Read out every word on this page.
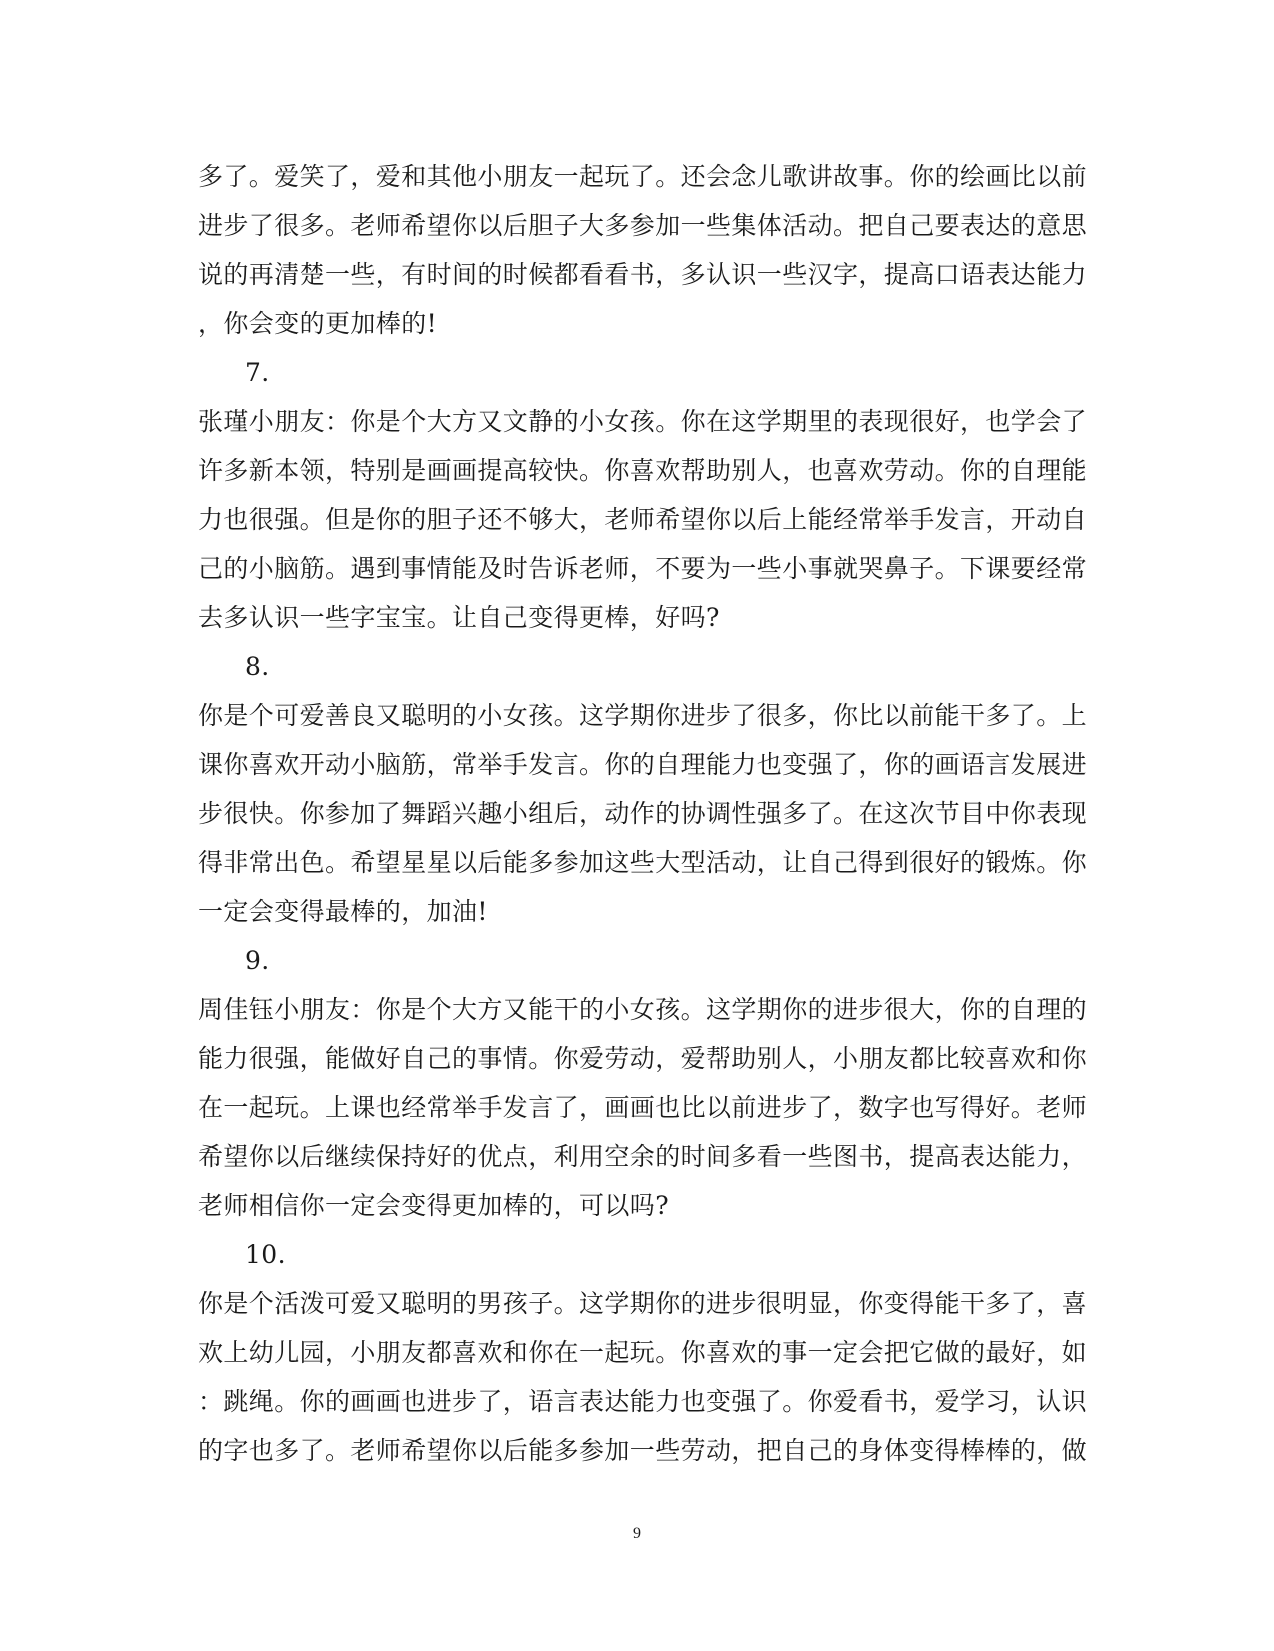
多了。爱笑了，爱和其他小朋友一起玩了。还会念儿歌讲故事。你的绘画比以前
进步了很多。老师希望你以后胆子大多参加一些集体活动。把自己要表达的意思
说的再清楚一些，有时间的时候都看看书，多认识一些汉字，提高口语表达能力
，你会变的更加棒的!
7.
张瑾小朋友：你是个大方又文静的小女孩。你在这学期里的表现很好，也学会了
许多新本领，特别是画画提高较快。你喜欢帮助别人，也喜欢劳动。你的自理能
力也很强。但是你的胆子还不够大，老师希望你以后上能经常举手发言，开动自
己的小脑筋。遇到事情能及时告诉老师，不要为一些小事就哭鼻子。下课要经常
去多认识一些字宝宝。让自己变得更棒，好吗?
8.
你是个可爱善良又聪明的小女孩。这学期你进步了很多，你比以前能干多了。上
课你喜欢开动小脑筋，常举手发言。你的自理能力也变强了，你的画语言发展进
步很快。你参加了舞蹈兴趣小组后，动作的协调性强多了。在这次节目中你表现
得非常出色。希望星星以后能多参加这些大型活动，让自己得到很好的锻炼。你
一定会变得最棒的，加油!
9.
周佳钰小朋友：你是个大方又能干的小女孩。这学期你的进步很大，你的自理的
能力很强，能做好自己的事情。你爱劳动，爱帮助别人，小朋友都比较喜欢和你
在一起玩。上课也经常举手发言了，画画也比以前进步了，数字也写得好。老师
希望你以后继续保持好的优点，利用空余的时间多看一些图书，提高表达能力，
老师相信你一定会变得更加棒的，可以吗?
10.
你是个活泼可爱又聪明的男孩子。这学期你的进步很明显，你变得能干多了，喜
欢上幼儿园，小朋友都喜欢和你在一起玩。你喜欢的事一定会把它做的最好，如
：跳绳。你的画画也进步了，语言表达能力也变强了。你爱看书，爱学习，认识
的字也多了。老师希望你以后能多参加一些劳动，把自己的身体变得棒棒的，做
9
